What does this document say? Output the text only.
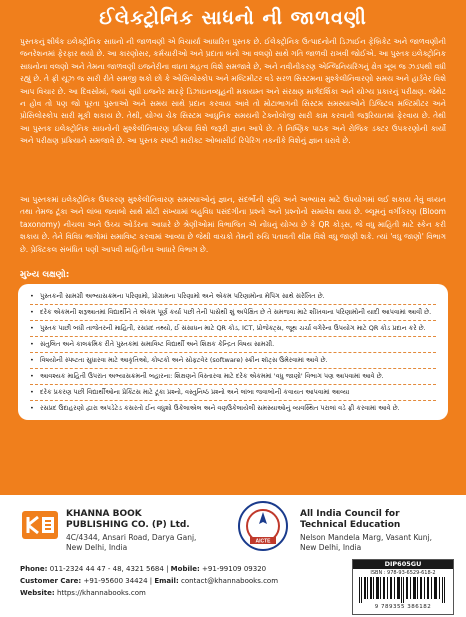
ઈલેક્ટ્રોનિક સાધનો ની જાળવણી
પુસ્તકનું શીર્ષક ઇલેક્ટ્રોનિક સાધનો ની જાળવણી એ વિચાર્યા આધારિત પુસ્તક છે. ઈલેક્ટ્રોનિક ઉત્પાદનોની ડિઝાઈન ફેબ્રિકેટ અને જાળવણીની જનરેશનમાં ફેરફાર થયો છે. આ કારણોસર, કર્મચારીઓ અને પ્રદાતા બંનો આ વલણો સાથે ગતિ જાળવી રાખવી જોઈએ. આ પુસ્તક ઇલેક્ટ્રોનિક સાધનોના વલણો અને તેમના જાળવણી ઇજનેરીના વધતા મહત્વ વિશે સમજાવે છે, અને નવીનીકરણ એન્જિનિયરિંગનું ક્ષેત્ર ખૂબ જ ઝડપથી વધી રહ્યું છે. તે ફ્રી યૂઝ જ સારી રીતે સમજી શકો છો કે ઓસિલોસ્કોપ અને મલ્ટિમીટર વડે સરળ સિસ્ટમના મુશ્કેલીનિવારણો સમય અને હાર્ડવેર વિશે આપ વિચાર છે. આ દિવસોમાં, જ્યાં સુધી ઇજનેર મારફે ડિઝાઇનવ્યૂહની મકાયમ્ત અને સંરક્ષણ માર્ગદર્શિકા અને યોગ્ય પ્રકારનું પરીક્ષણ. જેથેટ ન હોવ તો પણ જો પૂરતા પુસ્તાઓ અને સમય સાથે પ્રદાન કરવાય આવે તો મોટાભાગની સિસ્ટમ સમસ્યાઓને ડિજિટલ મલ્ટિમીટર અને પ્રોસિલોસ્કોપ સારી મૂકી શકાય છે. તેથી, યોગ્ય ચેક સિસ્ટમ આધુનિક સમયની ટેક્નોલોજી સારી કામ કરવાની જરૂરિયાતમાં ફેરવાય છે. તેથી આ પુસ્તક ઇલેક્ટ્રોનિક સાધનોની મુશ્કેલીનિવારણ પ્રક્રિયા વિશે જરૂરી જ્ઞાન આપે છે. તે નિષ્ણિક પાઠક અને રોજિક ડક્ટર ઉપકરણોની કાર્યો અને પરીક્ષણ પ્રક્રિયાને સમજાવે છે. આ પુસ્તક સ્પષ્ટી મારીક્ટ ઓબાસીઈ રિપેરિંગ તકનીકે વિશેનું જ્ઞાન ધરાવે છે.
આ પુસ્તકમાં ઇલેક્ટ્રોનિક ઉપકરણ મુશ્કેલીનિવારણ સમસ્યાઓનું જ્ઞાન, સંદર્ભોની સૂચિ અને અભ્યાસ માટે ઉપયોગમાં લઈ શકાય તેવું વધ્યન તથા તેમજ ટૂંકા અને લાંબા જવાબો સાથે મોટી સંખ્યામાં બહુવિધ પસંદગીના પ્રશ્નો અને પ્રશ્નોનો સમાવેશ થાય છે. બ્લૂમનું વર્ગીકરણ (Bloom taxonomy) નીચલા અને ઉચ્ચ ઓર્ડરના આધારે છે શ્રેણીઓમાં વિભાજિત એ નોંધનું યોગ્ય છે કે QR કોડ્સ, જે વધુ માહિતી માટે સ્કેન કરી શકાય છે. તેને વિવિધ ભાગોમાં સમાવિષ્ટ કરવામાં આવ્યા છે જેથી વાચકો તેમની રુચિ પતાવતી થીમ વિશે વધુ જાણી શકે. ત્યાં 'વધુ જાણો' વિભાગ છે. પ્રેક્ટિકલ સંબંધિત પણી આપવી માહિતીના આધારે વિભાગ છે.
મુખ્ય લક્ષણો:
• પુસ્તકની સામગ્રી અભ્યાસક્રમના પરિણામો, પ્રોગ્રામના પરિણામો અને એકમ પરિણામોના મેપિંગ સાથે સંરેખિત છે.
• દરેક એકમની શરૂઆતમાં વિદ્યાર્થીને તે એકમ પૂર્ણ કર્યા પછી તેની પાસેથી શું અપેક્ષિત છે તે સમજવા માટે શીખવાના પરિણામોની યાદી આપવામાં આવી છે.
• પુસ્તક પાછી બધી તાજેતરની માહિતી, રસપ્રદ તથ્યો, ઈ સંસાધન માટે QR કોડ, ICT, પ્રોજેક્ટ્સ, જૂથ ચર્ચા વગેરેના ઉપયોગ માટે QR કોડ પ્રદાન કરે છે.
• સંતુલિત અને કાલક્રમિક રીતે પુસ્તકમાં સમાવિષ્ટ વિદ્યાર્થી અને શિક્ષક કેન્દ્રિત વિષય સામગ્રી.
• વિષયોની સ્પષ્ટતા સુધારવા માટે આકૃતિઓ, કોષ્ટકો અને સોફ્ટવેર (software) સ્ક્રીન શૉટ્સ ઉમેરવામાં આવે છે.
• આવશ્યક માહિતી ઉપરાંત અભ્યાસક્રમની બહારના: શિક્ષણને વિસ્તારવા માટે દરેક એકમમાં 'વધુ જાણો' વિભાગ પણ આપવામાં આવે છે.
• દરેક પ્રકરણ પછી વિદ્યાર્થીઓના પ્રેક્ટિસ માટે ટૂંકા પ્રશ્નો, વસ્તુનિષ્ઠ પ્રશ્નો અને લાંબા જવાબોની કવાયત આપવામાં આવ્યા
• રસપ્રદ ઉદાહરણો દ્વારા અપડેટેડ કસરતો ઈન વધુશો ઉકેલાએલ અને વણઉકેલાયેલી સમસ્યાઓનું વ્યવસ્થિત પરાલાં વડે ફ્રી કરવામાં આવે છે.
KHANNA BOOK
PUBLISHING CO. (P) Ltd.
4C/4344, Ansari Road, Darya Ganj,
New Delhi, India
AICTE
All India Council for
Technical Education
Nelson Mandela Marg, Vasant Kunj,
New Delhi, India
Phone: 011-2324 44 47 - 48, 4321 5684 | Mobile: +91-99109 09320
Customer Care: +91-95600 34424 | Email: contact@khannabooks.com
Website: https://khannabooks.com
DIP605GU
ISBN : 978-93-6529-618-2
9 789355 386182
